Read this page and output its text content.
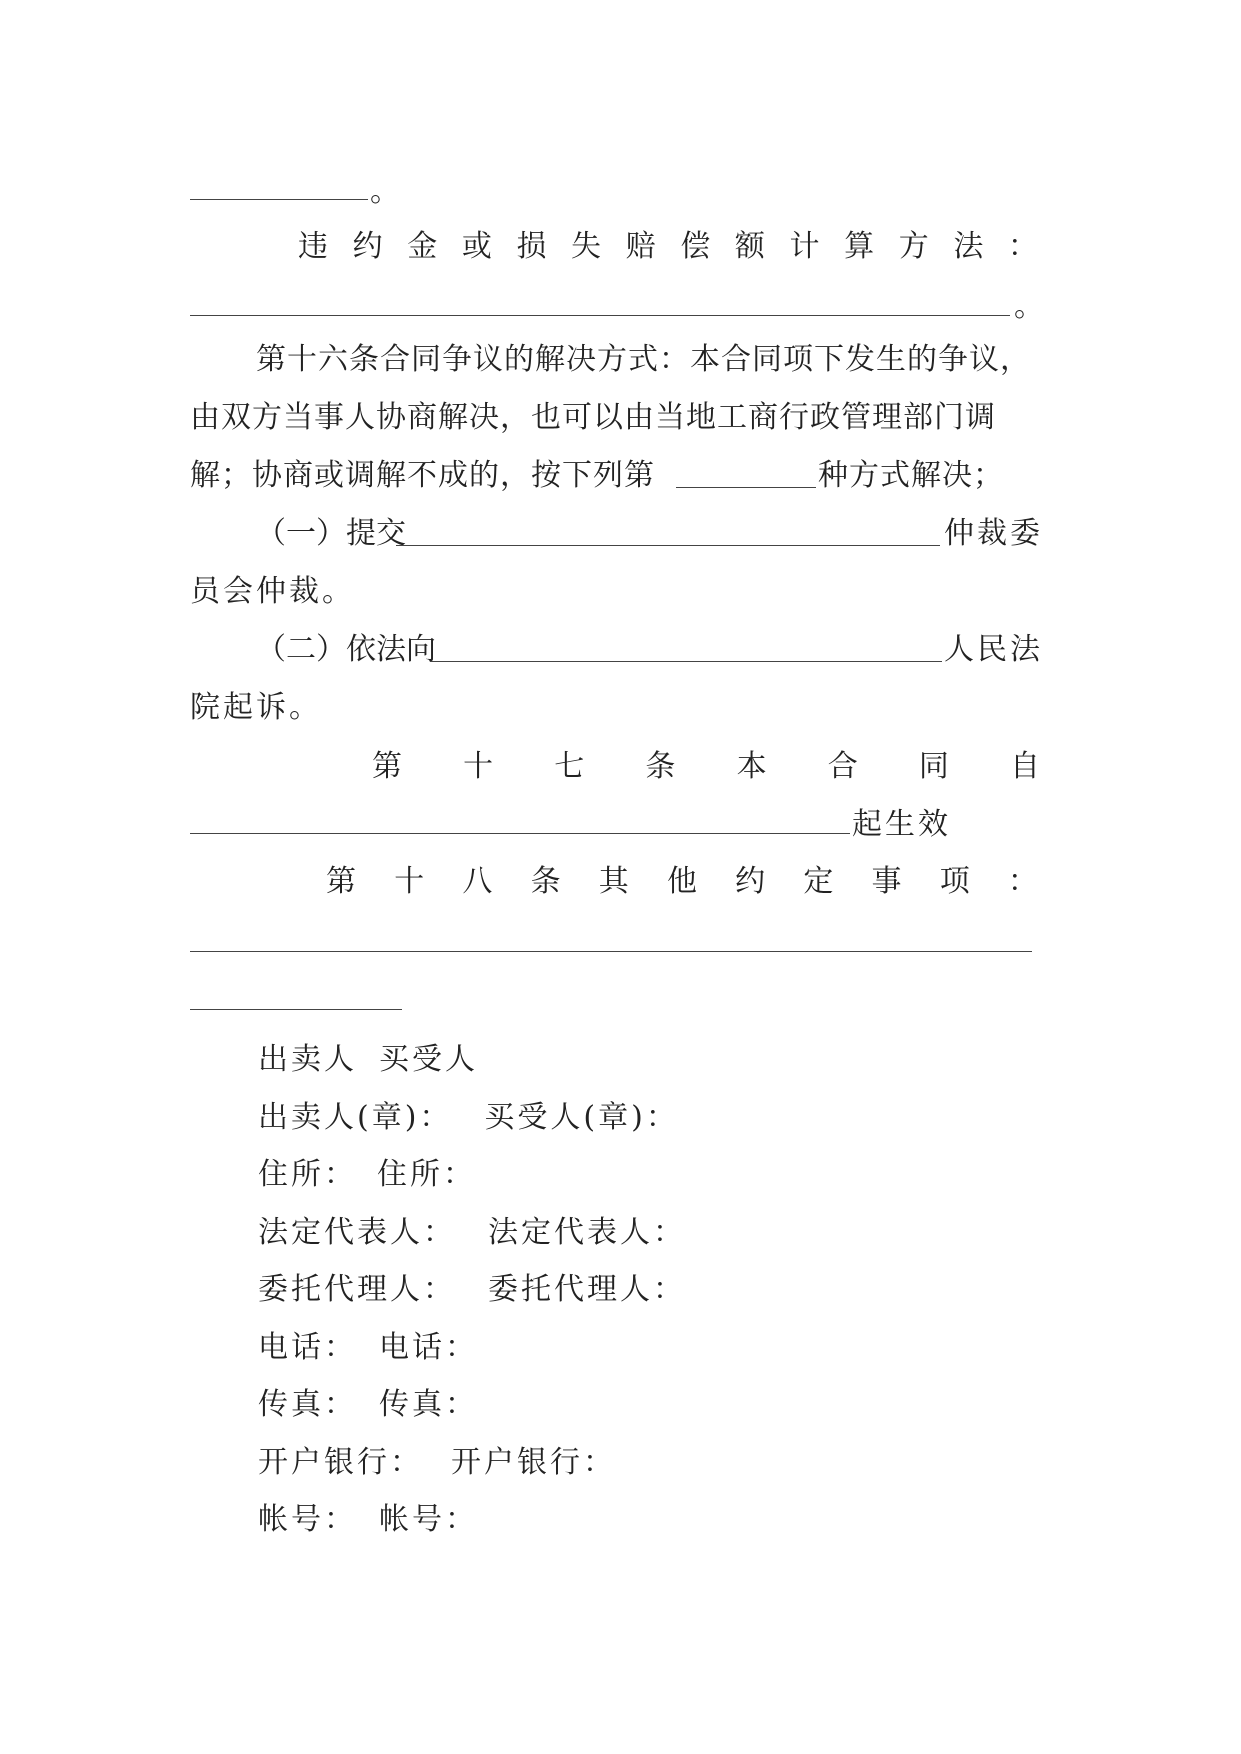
。
违 约 金 或 损 失 赔 偿 额 计 算 方 法 ：
。
第十六条合同争议的解决方式：本合同项下发生的争议，
由双方当事人协商解决，也可以由当地工商行政管理部门调
解；协商或调解不成的，按下列第	种方式解决；
（一）提交	仲裁委
员会仲裁。
（二）依法向	人民法
院起诉。
第 十 七 条 本 合 同 自
起生效
第 十 八 条 其 他 约 定 事 项 ：
出卖人 买受人
出卖人(章)： 买受人(章)：
住所： 住所：
法定代表人： 法定代表人：
委托代理人： 委托代理人：
电话： 电话：
传真： 传真：
开户银行： 开户银行：
帐号： 帐号：
